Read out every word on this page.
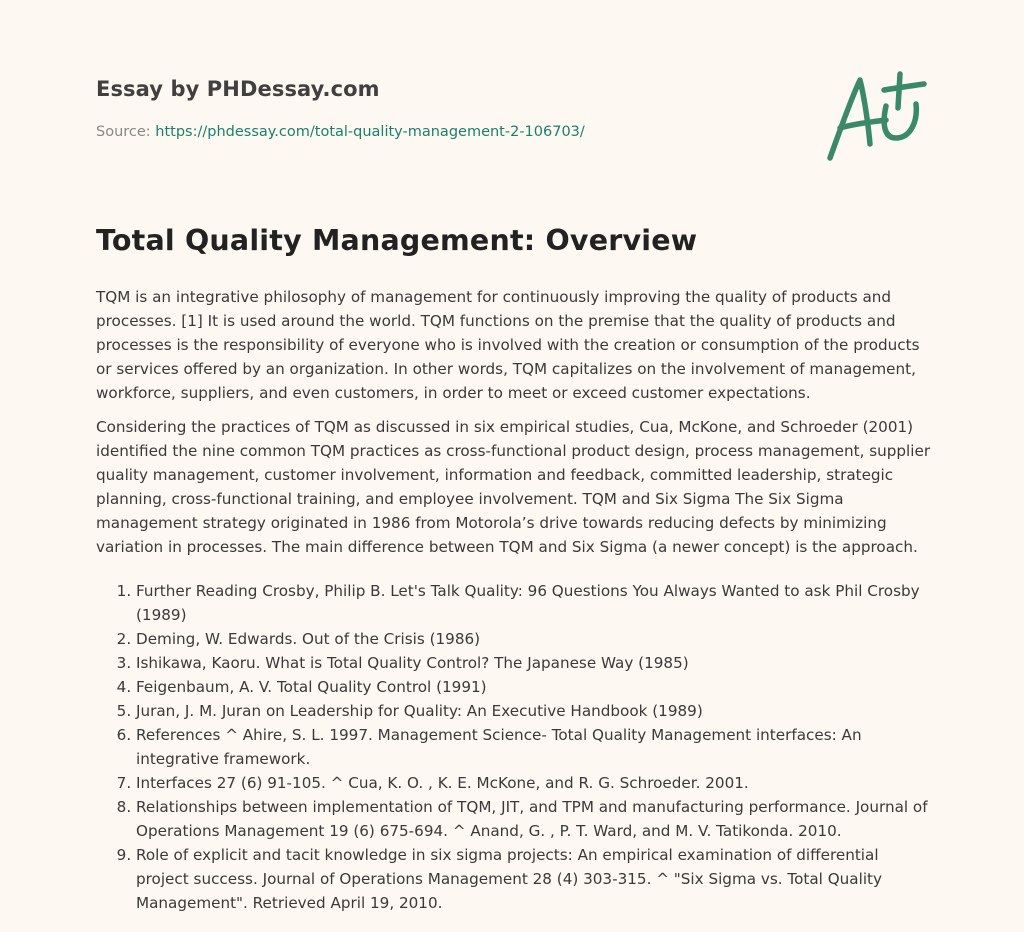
Essay by PHDessay.com
Source: https://phdessay.com/total-quality-management-2-106703/
Total Quality Management: Overview

TQM is an integrative philosophy of management for continuously improving the quality of products and processes. [1] It is used around the world. TQM functions on the premise that the quality of products and processes is the responsibility of everyone who is involved with the creation or consumption of the products or services offered by an organization. In other words, TQM capitalizes on the involvement of management, workforce, suppliers, and even customers, in order to meet or exceed customer expectations.

Considering the practices of TQM as discussed in six empirical studies, Cua, McKone, and Schroeder (2001) identified the nine common TQM practices as cross-functional product design, process management, supplier quality management, customer involvement, information and feedback, committed leadership, strategic planning, cross-functional training, and employee involvement. TQM and Six Sigma The Six Sigma management strategy originated in 1986 from Motorola’s drive towards reducing defects by minimizing variation in processes. The main difference between TQM and Six Sigma (a newer concept) is the approach.

1. Further Reading Crosby, Philip B. Let's Talk Quality: 96 Questions You Always Wanted to ask Phil Crosby (1989)
2. Deming, W. Edwards. Out of the Crisis (1986)
3. Ishikawa, Kaoru. What is Total Quality Control? The Japanese Way (1985)
4. Feigenbaum, A. V. Total Quality Control (1991)
5. Juran, J. M. Juran on Leadership for Quality: An Executive Handbook (1989)
6. References ^ Ahire, S. L. 1997. Management Science- Total Quality Management interfaces: An integrative framework.
7. Interfaces 27 (6) 91-105. ^ Cua, K. O. , K. E. McKone, and R. G. Schroeder. 2001.
8. Relationships between implementation of TQM, JIT, and TPM and manufacturing performance. Journal of Operations Management 19 (6) 675-694. ^ Anand, G. , P. T. Ward, and M. V. Tatikonda. 2010.
9. Role of explicit and tacit knowledge in six sigma projects: An empirical examination of differential project success. Journal of Operations Management 28 (4) 303-315. ^ "Six Sigma vs. Total Quality Management". Retrieved April 19, 2010.
